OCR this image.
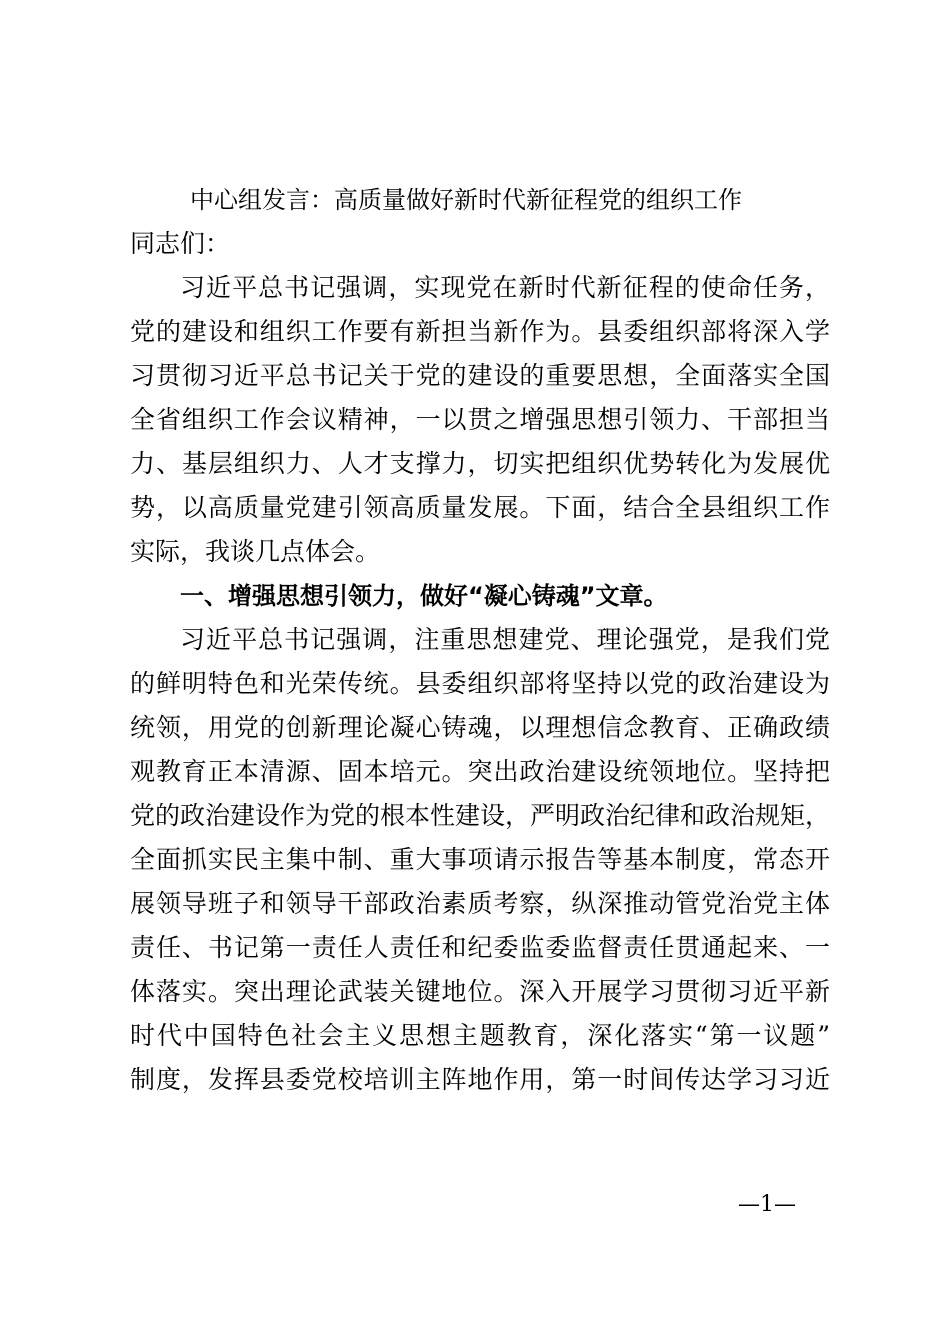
中心组发言：高质量做好新时代新征程党的组织工作

同志们：

习近平总书记强调，实现党在新时代新征程的使命任务，
党的建设和组织工作要有新担当新作为。县委组织部将深入学
习贯彻习近平总书记关于党的建设的重要思想，全面落实全国
全省组织工作会议精神，一以贯之增强思想引领力、干部担当
力、基层组织力、人才支撑力，切实把组织优势转化为发展优
势，以高质量党建引领高质量发展。下面，结合全县组织工作
实际，我谈几点体会。
一、增强思想引领力，做好“凝心铸魂”文章。
习近平总书记强调，注重思想建党、理论强党，是我们党
的鲜明特色和光荣传统。县委组织部将坚持以党的政治建设为
统领，用党的创新理论凝心铸魂，以理想信念教育、正确政绩
观教育正本清源、固本培元。突出政治建设统领地位。坚持把
党的政治建设作为党的根本性建设，严明政治纪律和政治规矩，
全面抓实民主集中制、重大事项请示报告等基本制度，常态开
展领导班子和领导干部政治素质考察，纵深推动管党治党主体
责任、书记第一责任人责任和纪委监委监督责任贯通起来、一
体落实。突出理论武装关键地位。深入开展学习贯彻习近平新
时代中国特色社会主义思想主题教育，深化落实“第一议题”
制度，发挥县委党校培训主阵地作用，第一时间传达学习习近
—1—
